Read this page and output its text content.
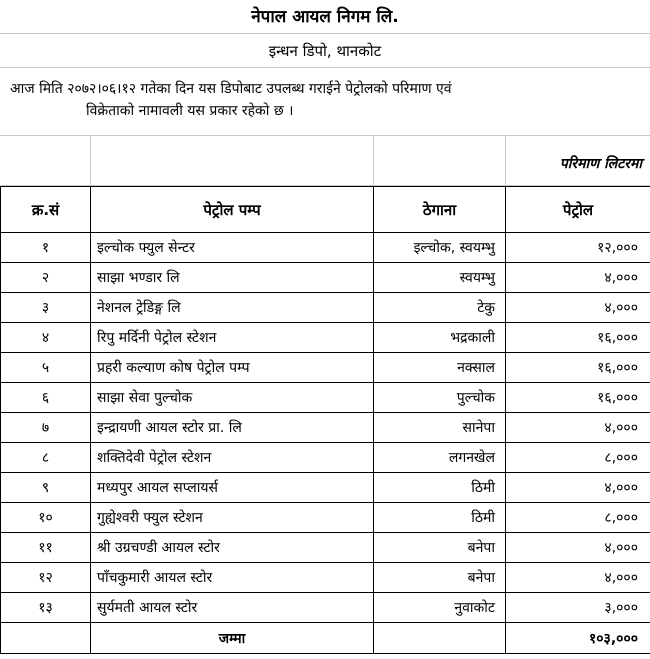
नेपाल आयल निगम लि.
इन्धन डिपो, थानकोट
आज मिति २०७२।०६।१२ गतेका दिन यस डिपोबाट उपलब्ध गराईने पेट्रोलको परिमाण एवं
विक्रेताको नामावली यस प्रकार रहेको छ ।
परिमाण लिटरमा
क्र.सं	पेट्रोल पम्प	ठेगाना	पेट्रोल
१	इल्चोक फ्युल सेन्टर	इल्चोक, स्वयम्भु	१२,०००
२	साझा भण्डार लि	स्वयम्भु	४,०००
३	नेशनल ट्रेडिङ्ग लि	टेकु	४,०००
४	रिपु मर्दिनी पेट्रोल स्टेशन	भद्रकाली	१६,०००
५	प्रहरी कल्याण कोष पेट्रोल पम्प	नक्साल	१६,०००
६	साझा सेवा पुल्चोक	पुल्चोक	१६,०००
७	इन्द्रायणी आयल स्टोर प्रा. लि	सानेपा	४,०००
८	शक्तिदेवी पेट्रोल स्टेशन	लगनखेल	८,०००
९	मध्यपुर आयल सप्लायर्स	ठिमी	४,०००
१०	गुह्येश्वरी फ्युल स्टेशन	ठिमी	८,०००
११	श्री उग्रचण्डी आयल स्टोर	बनेपा	४,०००
१२	पाँचकुमारी आयल स्टोर	बनेपा	४,०००
१३	सुर्यमती आयल स्टोर	नुवाकोट	३,०००
	जम्मा		१०३,०००
